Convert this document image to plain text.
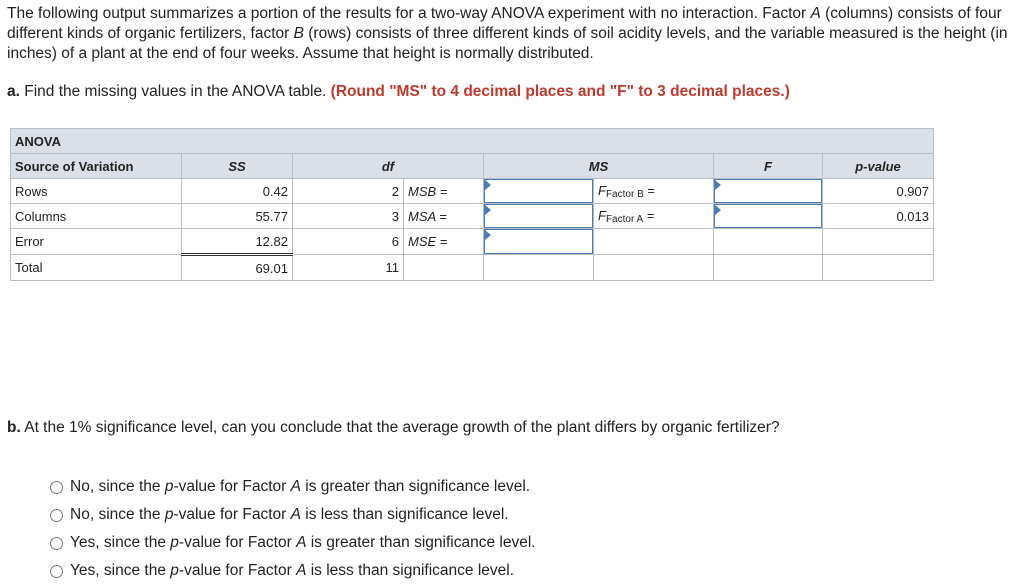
The following output summarizes a portion of the results for a two-way ANOVA experiment with no interaction. Factor A (columns) consists of four different kinds of organic fertilizers, factor B (rows) consists of three different kinds of soil acidity levels, and the variable measured is the height (in inches) of a plant at the end of four weeks. Assume that height is normally distributed.
a. Find the missing values in the ANOVA table. (Round "MS" to 4 decimal places and "F" to 3 decimal places.)
ANOVA							
Source of Variation	SS	df		MS		F	p-value
Rows	0.42	2	MSB =		$F_{Factor B}$ =		0.907
Columns	55.77	3	MSA =		$F_{Factor A}$ =		0.013
Error	12.82	6	MSE =	

Total	69.01	11					
b. At the 1% significance level, can you conclude that the average growth of the plant differs by organic fertilizer?
No, since the p-value for Factor A is greater than significance level.
No, since the p-value for Factor A is less than significance level.
Yes, since the p-value for Factor A is greater than significance level.
Yes, since the p-value for Factor A is less than significance level.
